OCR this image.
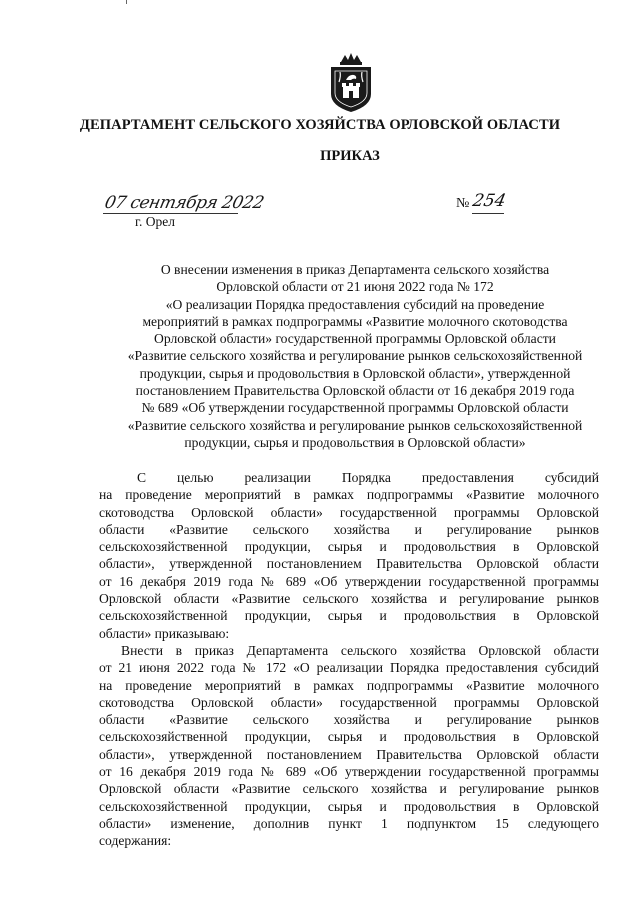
ДЕПАРТАМЕНТ СЕЛЬСКОГО ХОЗЯЙСТВА ОРЛОВСКОЙ ОБЛАСТИ
ПРИКАЗ
07 сентября 2022
г. Орел
№ 254
О внесении изменения в приказ Департамента сельского хозяйства
Орловской области от 21 июня 2022 года № 172
«О реализации Порядка предоставления субсидий на проведение
мероприятий в рамках подпрограммы «Развитие молочного скотоводства
Орловской области» государственной программы Орловской области
«Развитие сельского хозяйства и регулирование рынков сельскохозяйственной
продукции, сырья и продовольствия в Орловской области», утвержденной
постановлением Правительства Орловской области от 16 декабря 2019 года
№ 689 «Об утверждении государственной программы Орловской области
«Развитие сельского хозяйства и регулирование рынков сельскохозяйственной
продукции, сырья и продовольствия в Орловской области»
С целью реализации Порядка предоставления субсидий
на проведение мероприятий в рамках подпрограммы «Развитие молочного
скотоводства Орловской области» государственной программы Орловской
области «Развитие сельского хозяйства и регулирование рынков
сельскохозяйственной продукции, сырья и продовольствия в Орловской
области», утвержденной постановлением Правительства Орловской области
от 16 декабря 2019 года № 689 «Об утверждении государственной программы
Орловской области «Развитие сельского хозяйства и регулирование рынков
сельскохозяйственной продукции, сырья и продовольствия в Орловской
области» приказываю:
Внести в приказ Департамента сельского хозяйства Орловской области
от 21 июня 2022 года № 172 «О реализации Порядка предоставления субсидий
на проведение мероприятий в рамках подпрограммы «Развитие молочного
скотоводства Орловской области» государственной программы Орловской
области «Развитие сельского хозяйства и регулирование рынков
сельскохозяйственной продукции, сырья и продовольствия в Орловской
области», утвержденной постановлением Правительства Орловской области
от 16 декабря 2019 года № 689 «Об утверждении государственной программы
Орловской области «Развитие сельского хозяйства и регулирование рынков
сельскохозяйственной продукции, сырья и продовольствия в Орловской
области» изменение, дополнив пункт 1 подпунктом 15 следующего
содержания:
